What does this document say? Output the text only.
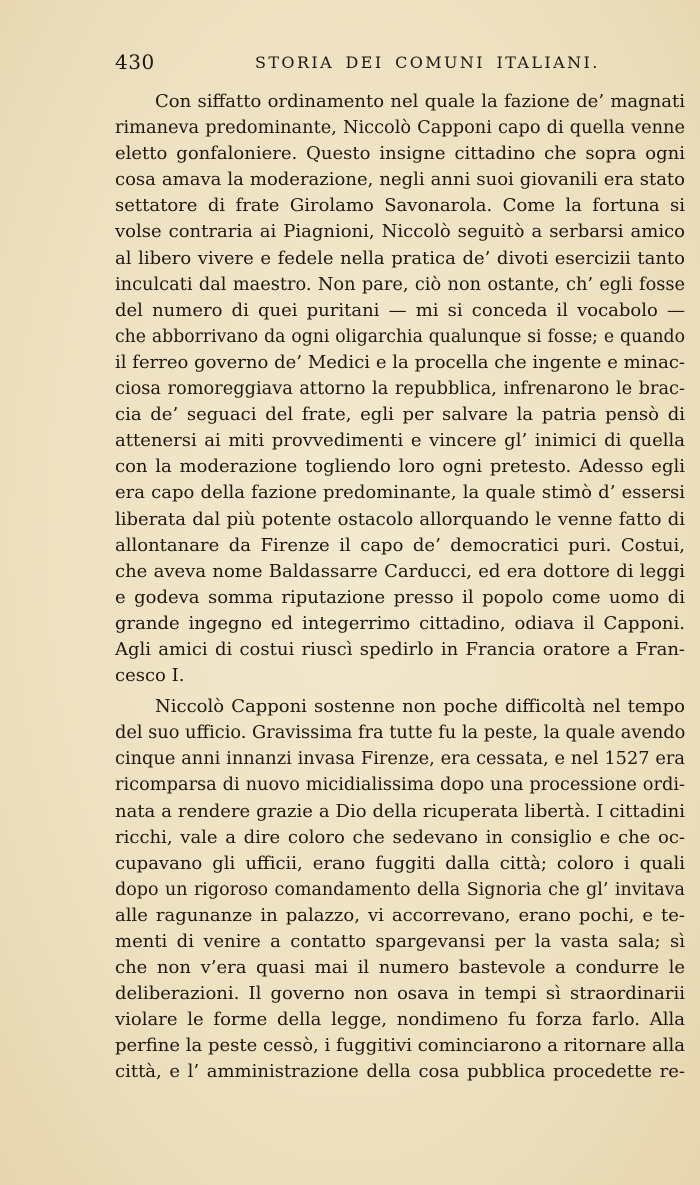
430	STORIA DEI COMUNI ITALIANI.
Con siffatto ordinamento nel quale la fazione de’ magnati
rimaneva predominante, Niccolò Capponi capo di quella venne
eletto gonfaloniere. Questo insigne cittadino che sopra ogni
cosa amava la moderazione, negli anni suoi giovanili era stato
settatore di frate Girolamo Savonarola. Come la fortuna si
volse contraria ai Piagnioni, Niccolò seguitò a serbarsi amico
al libero vivere e fedele nella pratica de’ divoti esercizii tanto
inculcati dal maestro. Non pare, ciò non ostante, ch’ egli fosse
del numero di quei puritani — mi si conceda il vocabolo —
che abborrivano da ogni oligarchia qualunque si fosse; e quando
il ferreo governo de’ Medici e la procella che ingente e minac-
ciosa romoreggiava attorno la repubblica, infrenarono le brac-
cia de’ seguaci del frate, egli per salvare la patria pensò di
attenersi ai miti provvedimenti e vincere gl’ inimici di quella
con la moderazione togliendo loro ogni pretesto. Adesso egli
era capo della fazione predominante, la quale stimò d’ essersi
liberata dal più potente ostacolo allorquando le venne fatto di
allontanare da Firenze il capo de’ democratici puri. Costui,
che aveva nome Baldassarre Carducci, ed era dottore di leggi
e godeva somma riputazione presso il popolo come uomo di
grande ingegno ed integerrimo cittadino, odiava il Capponi.
Agli amici di costui riuscì spedirlo in Francia oratore a Fran-
cesco I.
Niccolò Capponi sostenne non poche difficoltà nel tempo
del suo ufficio. Gravissima fra tutte fu la peste, la quale avendo
cinque anni innanzi invasa Firenze, era cessata, e nel 1527 era
ricomparsa di nuovo micidialissima dopo una processione ordi-
nata a rendere grazie a Dio della ricuperata libertà. I cittadini
ricchi, vale a dire coloro che sedevano in consiglio e che oc-
cupavano gli ufficii, erano fuggiti dalla città; coloro i quali
dopo un rigoroso comandamento della Signoria che gl’ invitava
alle ragunanze in palazzo, vi accorrevano, erano pochi, e te-
menti di venire a contatto spargevansi per la vasta sala; sì
che non v’era quasi mai il numero bastevole a condurre le
deliberazioni. Il governo non osava in tempi sì straordinarii
violare le forme della legge, nondimeno fu forza farlo. Alla
perfine la peste cessò, i fuggitivi cominciarono a ritornare alla
città, e l’ amministrazione della cosa pubblica procedette re-
